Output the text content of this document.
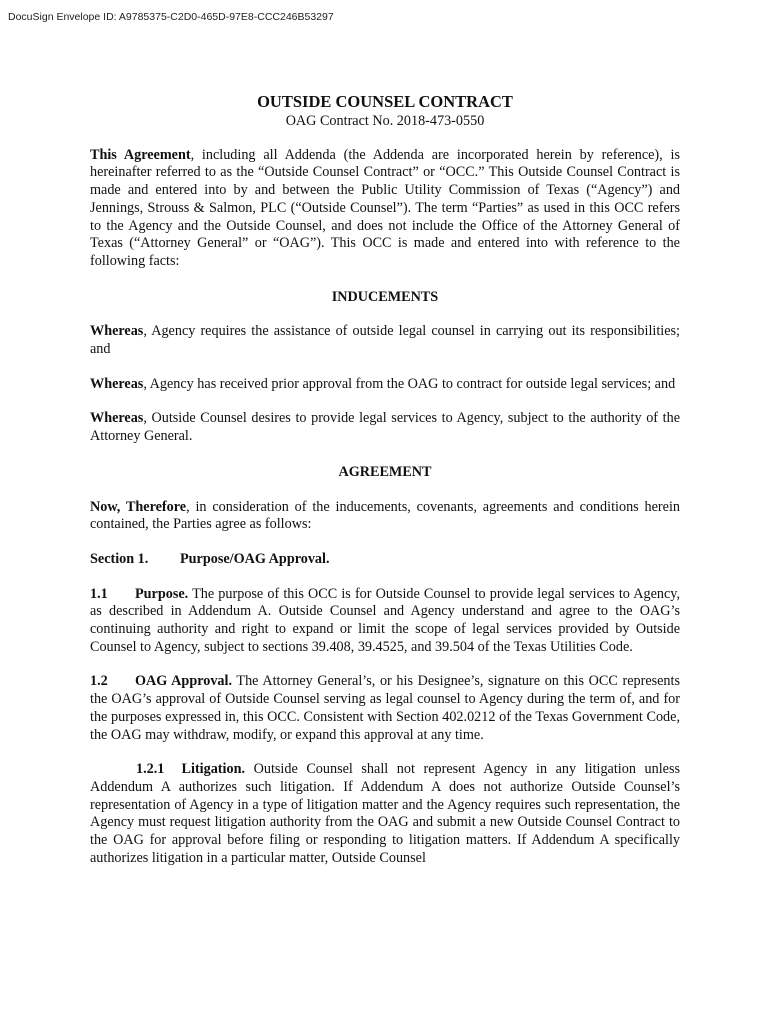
DocuSign Envelope ID: A9785375-C2D0-465D-97E8-CCC246B53297
OUTSIDE COUNSEL CONTRACT
OAG Contract No. 2018-473-0550

This Agreement, including all Addenda (the Addenda are incorporated herein by reference), is hereinafter referred to as the “Outside Counsel Contract” or “OCC.” This Outside Counsel Contract is made and entered into by and between the Public Utility Commission of Texas (“Agency”) and Jennings, Strouss & Salmon, PLC (“Outside Counsel”). The term “Parties” as used in this OCC refers to the Agency and the Outside Counsel, and does not include the Office of the Attorney General of Texas (“Attorney General” or “OAG”). This OCC is made and entered into with reference to the following facts:

INDUCEMENTS

Whereas, Agency requires the assistance of outside legal counsel in carrying out its responsibilities; and

Whereas, Agency has received prior approval from the OAG to contract for outside legal services; and

Whereas, Outside Counsel desires to provide legal services to Agency, subject to the authority of the Attorney General.

AGREEMENT

Now, Therefore, in consideration of the inducements, covenants, agreements and conditions herein contained, the Parties agree as follows:

Section 1.	Purpose/OAG Approval.

1.1 Purpose. The purpose of this OCC is for Outside Counsel to provide legal services to Agency, as described in Addendum A. Outside Counsel and Agency understand and agree to the OAG’s continuing authority and right to expand or limit the scope of legal services provided by Outside Counsel to Agency, subject to sections 39.408, 39.4525, and 39.504 of the Texas Utilities Code.

1.2 OAG Approval. The Attorney General’s, or his Designee’s, signature on this OCC represents the OAG’s approval of Outside Counsel serving as legal counsel to Agency during the term of, and for the purposes expressed in, this OCC. Consistent with Section 402.0212 of the Texas Government Code, the OAG may withdraw, modify, or expand this approval at any time.

1.2.1 Litigation. Outside Counsel shall not represent Agency in any litigation unless Addendum A authorizes such litigation. If Addendum A does not authorize Outside Counsel’s representation of Agency in a type of litigation matter and the Agency requires such representation, the Agency must request litigation authority from the OAG and submit a new Outside Counsel Contract to the OAG for approval before filing or responding to litigation matters. If Addendum A specifically authorizes litigation in a particular matter, Outside Counsel
